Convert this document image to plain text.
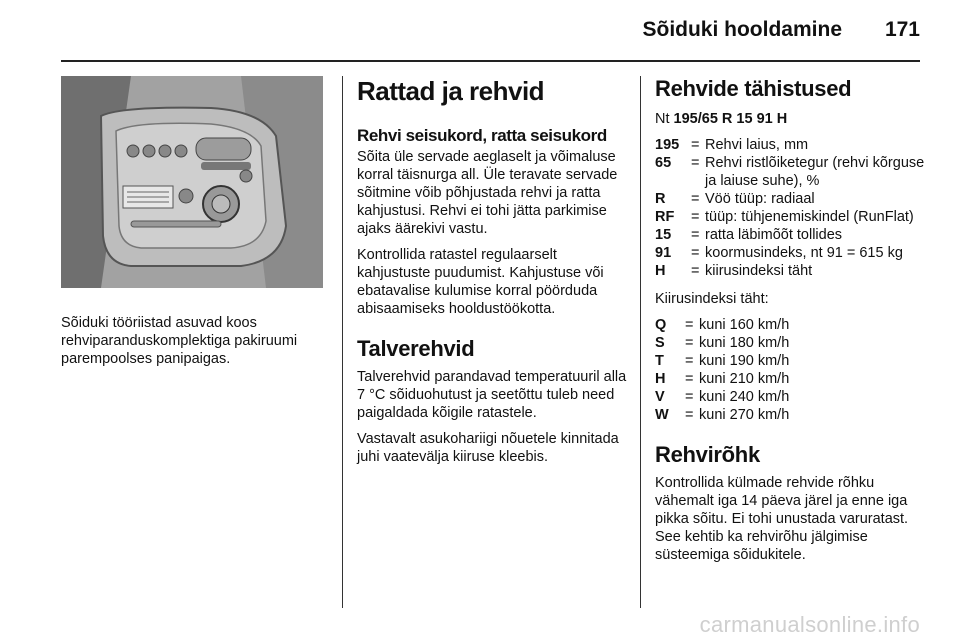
Sõiduki hooldamine 171
Sõiduki tööriistad asuvad koos rehviparanduskomplektiga pakiruumi parempoolses panipaigas.
Rattad ja rehvid
Rehvi seisukord, ratta seisukord

Sõita üle servade aeglaselt ja võimaluse korral täisnurga all. Üle teravate servade sõitmine võib põhjustada rehvi ja ratta kahjustusi. Rehvi ei tohi jätta parkimise ajaks äärekivi vastu.

Kontrollida ratastel regulaarselt kahjustuste puudumist. Kahjustuse või ebatavalise kulumise korral pöörduda abisaamiseks hooldustöökotta.

Talverehvid

Talverehvid parandavad temperatuuril alla 7 °C sõiduohutust ja seetõttu tuleb need paigaldada kõigile ratastele.

Vastavalt asukohariigi nõuetele kinnitada juhi vaatevälja kiiruse kleebis.

Rehvide tähistused
Nt 195/65 R 15 91 H
195 = Rehvi laius, mm
65	= Rehvi ristlõiketegur (rehvi kõrguse ja laiuse suhe), %
R	= Vöö tüüp: radiaal
RF	= tüüp: tühjenemiskindel (RunFlat)
15	= ratta läbimõõt tollides
91	= koormusindeks, nt 91 = 615 kg
H	= kiirusindeksi täht

Kiirusindeksi täht:

Q	= kuni 160 km/h
S	= kuni 180 km/h
T	= kuni 190 km/h
H	= kuni 210 km/h
V	= kuni 240 km/h
W	= kuni 270 km/h
Rehvirõhk

Kontrollida külmade rehvide rõhku vähemalt iga 14 päeva järel ja enne iga pikka sõitu. Ei tohi unustada varuratast. See kehtib ka rehvirõhu jälgimise süsteemiga sõidukitele.

carmanualsonline.info
